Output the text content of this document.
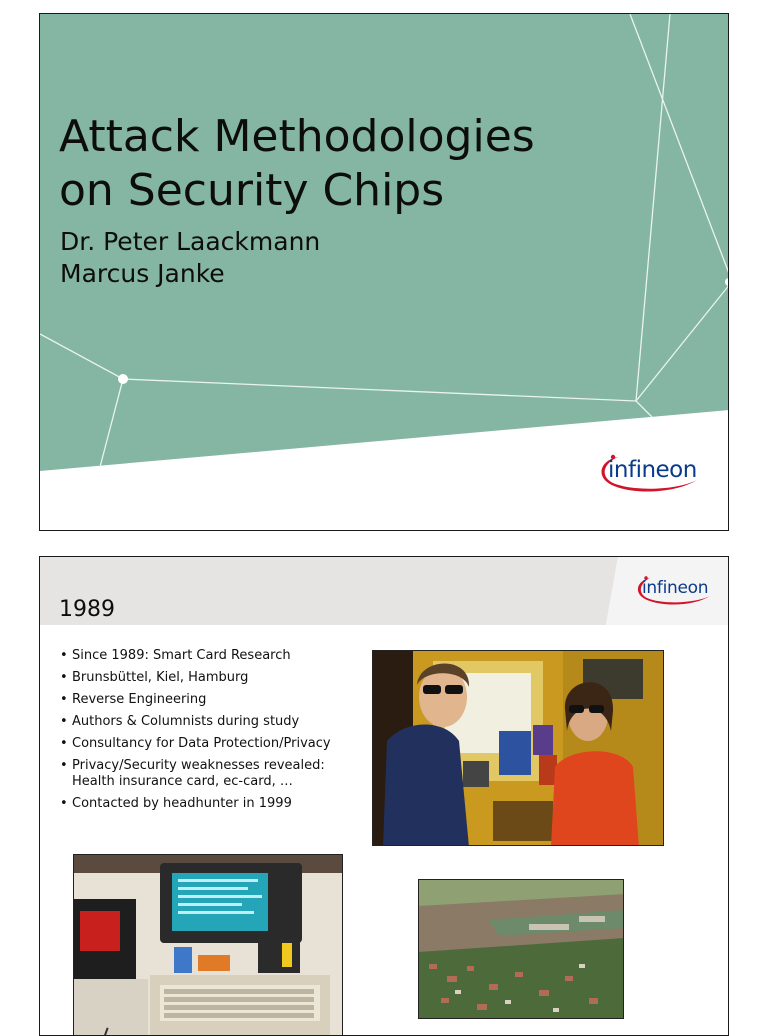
Attack Methodologies
on Security Chips
Dr. Peter Laackmann
Marcus Janke
infineon
infineon
1989
• Since 1989: Smart Card Research
• Brunsbüttel, Kiel, Hamburg
• Reverse Engineering
• Authors & Columnists during study
• Consultancy for Data Protection/Privacy
• Privacy/Security weaknesses revealed:
Health insurance card, ec-card, …
• Contacted by headhunter in 1999
